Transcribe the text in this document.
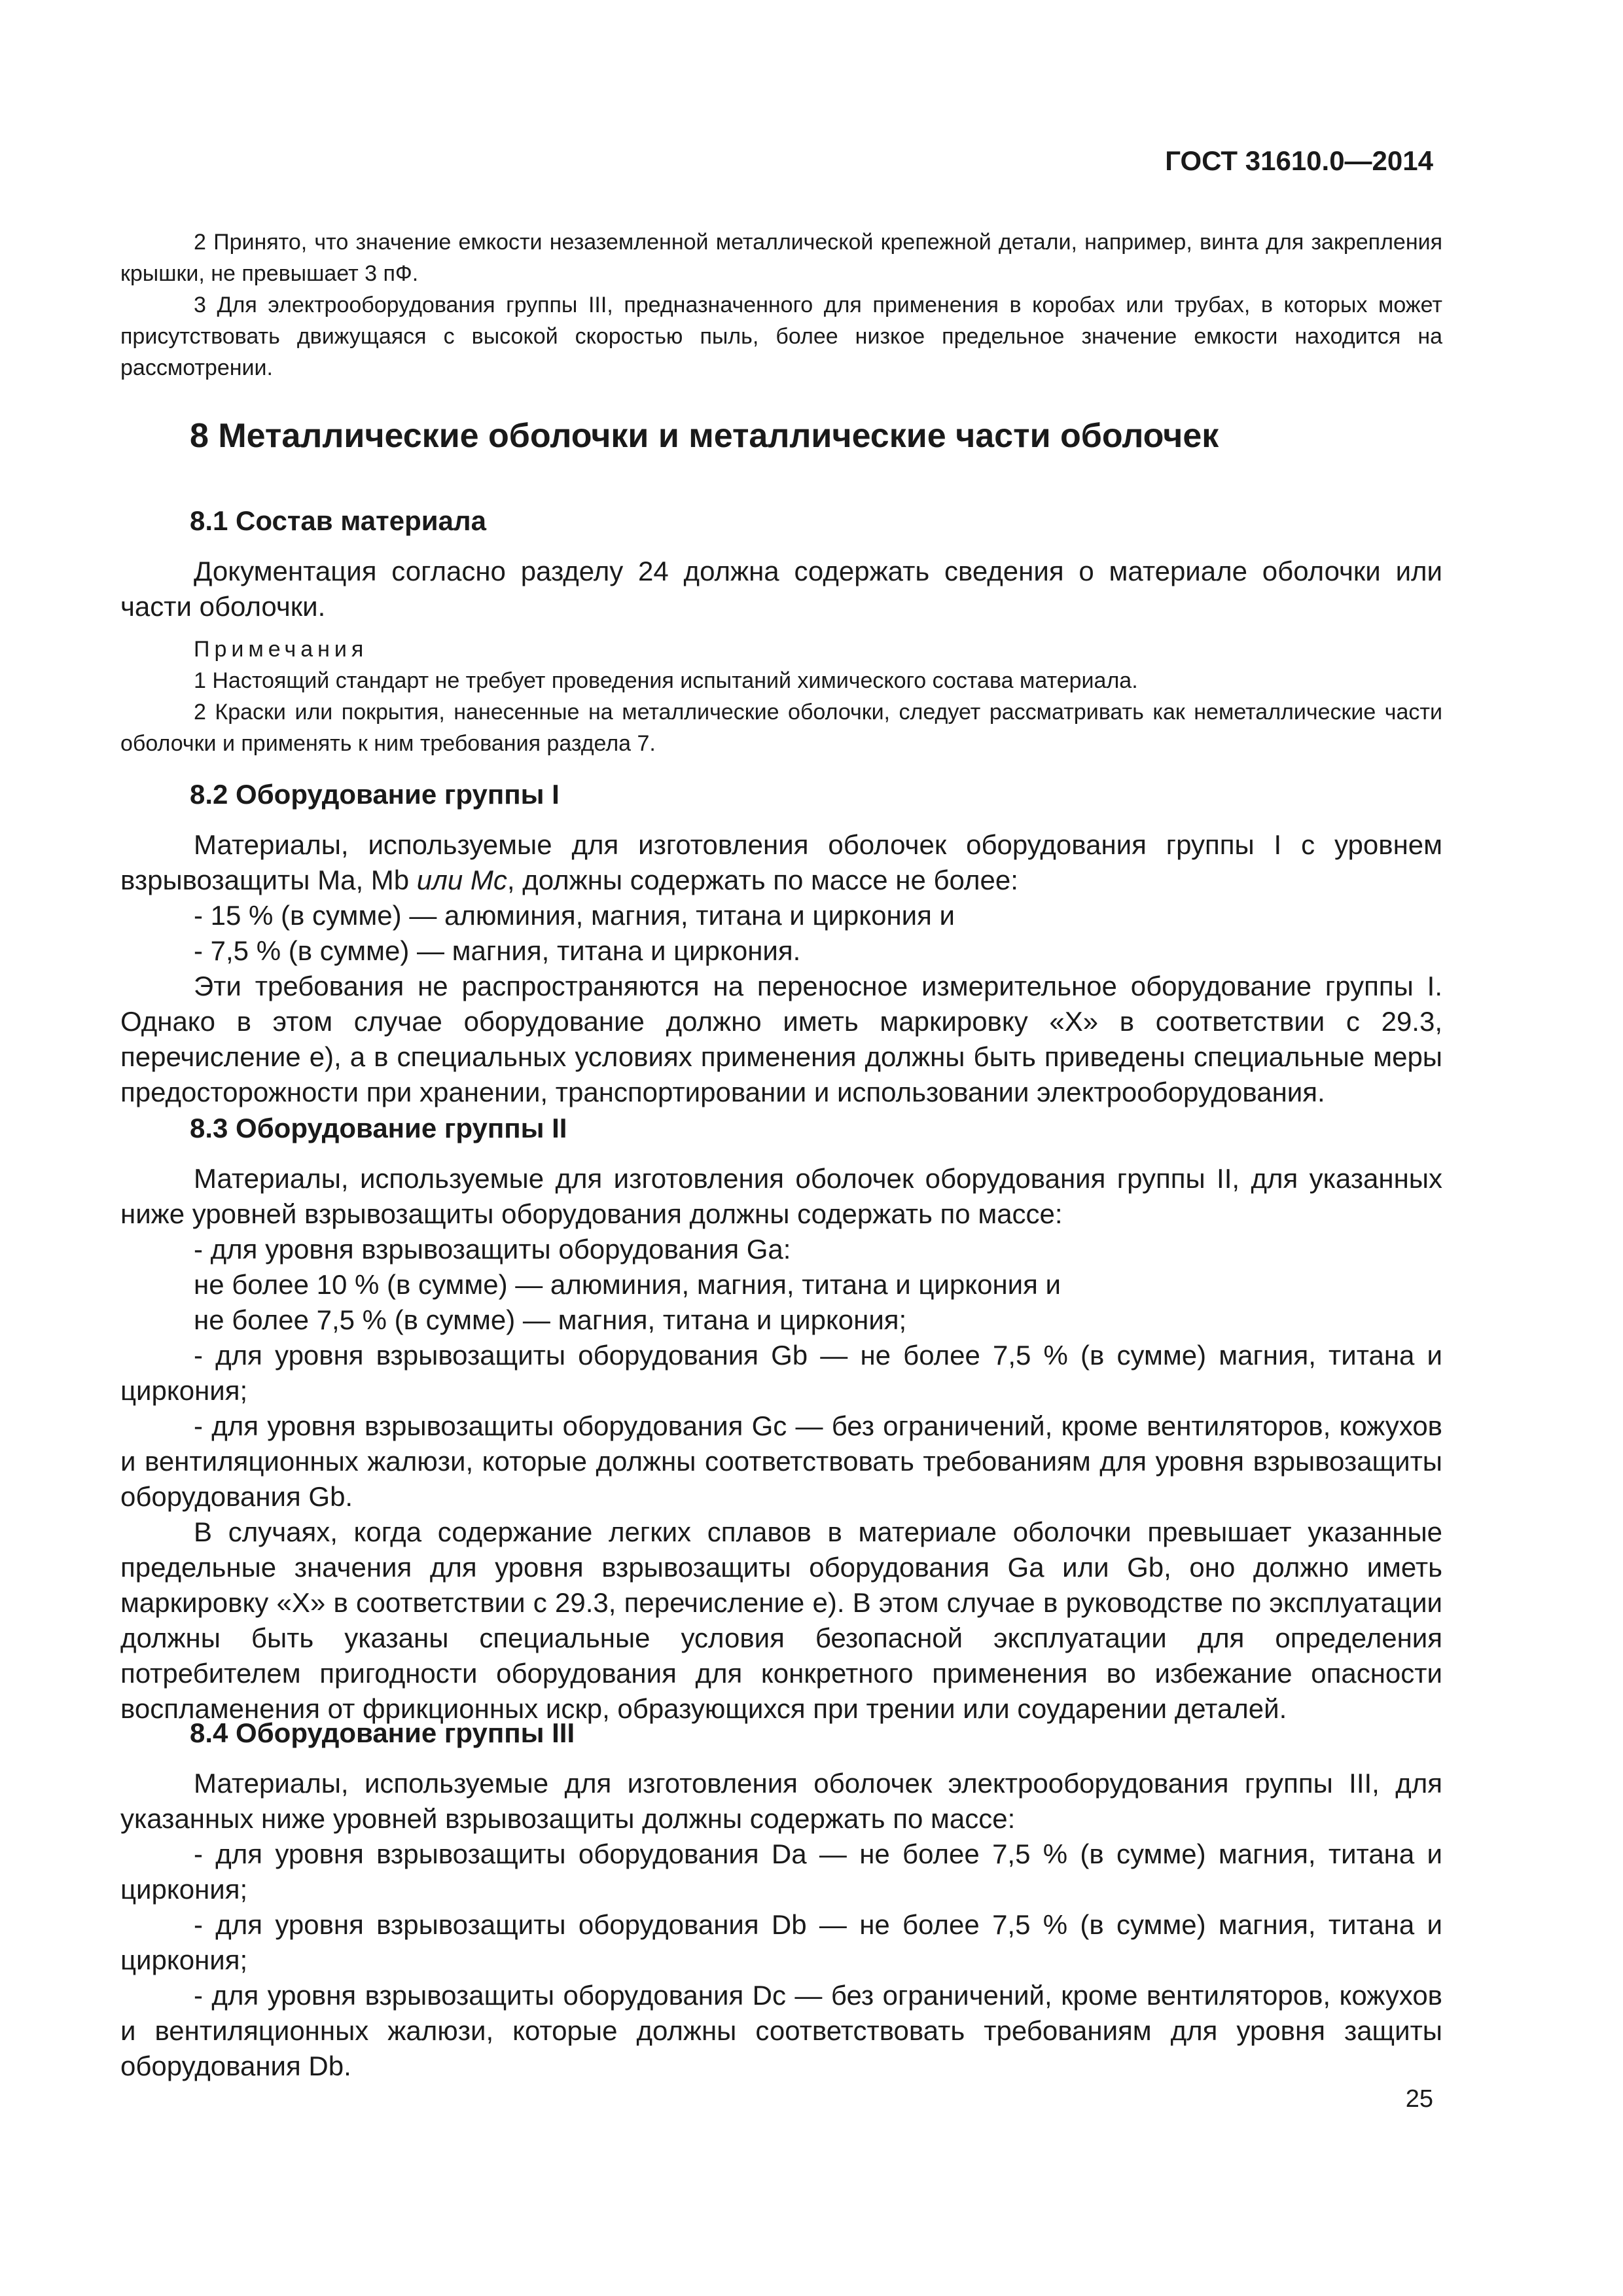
ГОСТ 31610.0—2014

2 Принято, что значение емкости незаземленной металлической крепежной детали, например, винта для закрепления крышки, не превышает 3 пФ.

3 Для электрооборудования группы III, предназначенного для применения в коробах или трубах, в которых может присутствовать движущаяся с высокой скоростью пыль, более низкое предельное значение емкости находится на рассмотрении.

8 Металлические оболочки и металлические части оболочек
8.1 Состав материала

Документация согласно разделу 24 должна содержать сведения о материале оболочки или части оболочки.

Примечания

1 Настоящий стандарт не требует проведения испытаний химического состава материала.

2 Краски или покрытия, нанесенные на металлические оболочки, следует рассматривать как неметаллические части оболочки и применять к ним требования раздела 7.

8.2 Оборудование группы I

Материалы, используемые для изготовления оболочек оборудования группы I с уровнем взрывозащиты Ma, Mb или Mc, должны содержать по массе не более:

- 15 % (в сумме) — алюминия, магния, титана и циркония и

- 7,5 % (в сумме) — магния, титана и циркония.

Эти требования не распространяются на переносное измерительное оборудование группы I. Однако в этом случае оборудование должно иметь маркировку «X» в соответствии с 29.3, перечисление е), а в специальных условиях применения должны быть приведены специальные меры предосторожности при хранении, транспортировании и использовании электрооборудования.

8.3 Оборудование группы II

Материалы, используемые для изготовления оболочек оборудования группы II, для указанных ниже уровней взрывозащиты оборудования должны содержать по массе:

- для уровня взрывозащиты оборудования Ga:

не более 10 % (в сумме) — алюминия, магния, титана и циркония и

не более 7,5 % (в сумме) — магния, титана и циркония;

- для уровня взрывозащиты оборудования Gb — не более 7,5 % (в сумме) магния, титана и циркония;

- для уровня взрывозащиты оборудования Gc — без ограничений, кроме вентиляторов, кожухов и вентиляционных жалюзи, которые должны соответствовать требованиям для уровня взрывозащиты оборудования Gb.

В случаях, когда содержание легких сплавов в материале оболочки превышает указанные предельные значения для уровня взрывозащиты оборудования Ga или Gb, оно должно иметь маркировку «X» в соответствии с 29.3, перечисление е). В этом случае в руководстве по эксплуатации должны быть указаны специальные условия безопасной эксплуатации для определения потребителем пригодности оборудования для конкретного применения во избежание опасности воспламенения от фрикционных искр, образующихся при трении или соударении деталей.

8.4 Оборудование группы III

Материалы, используемые для изготовления оболочек электрооборудования группы III, для указанных ниже уровней взрывозащиты должны содержать по массе:

- для уровня взрывозащиты оборудования Da — не более 7,5 % (в сумме) магния, титана и циркония;

- для уровня взрывозащиты оборудования Db — не более 7,5 % (в сумме) магния, титана и циркония;

- для уровня взрывозащиты оборудования Dc — без ограничений, кроме вентиляторов, кожухов и вентиляционных жалюзи, которые должны соответствовать требованиям для уровня защиты оборудования Db.

25
